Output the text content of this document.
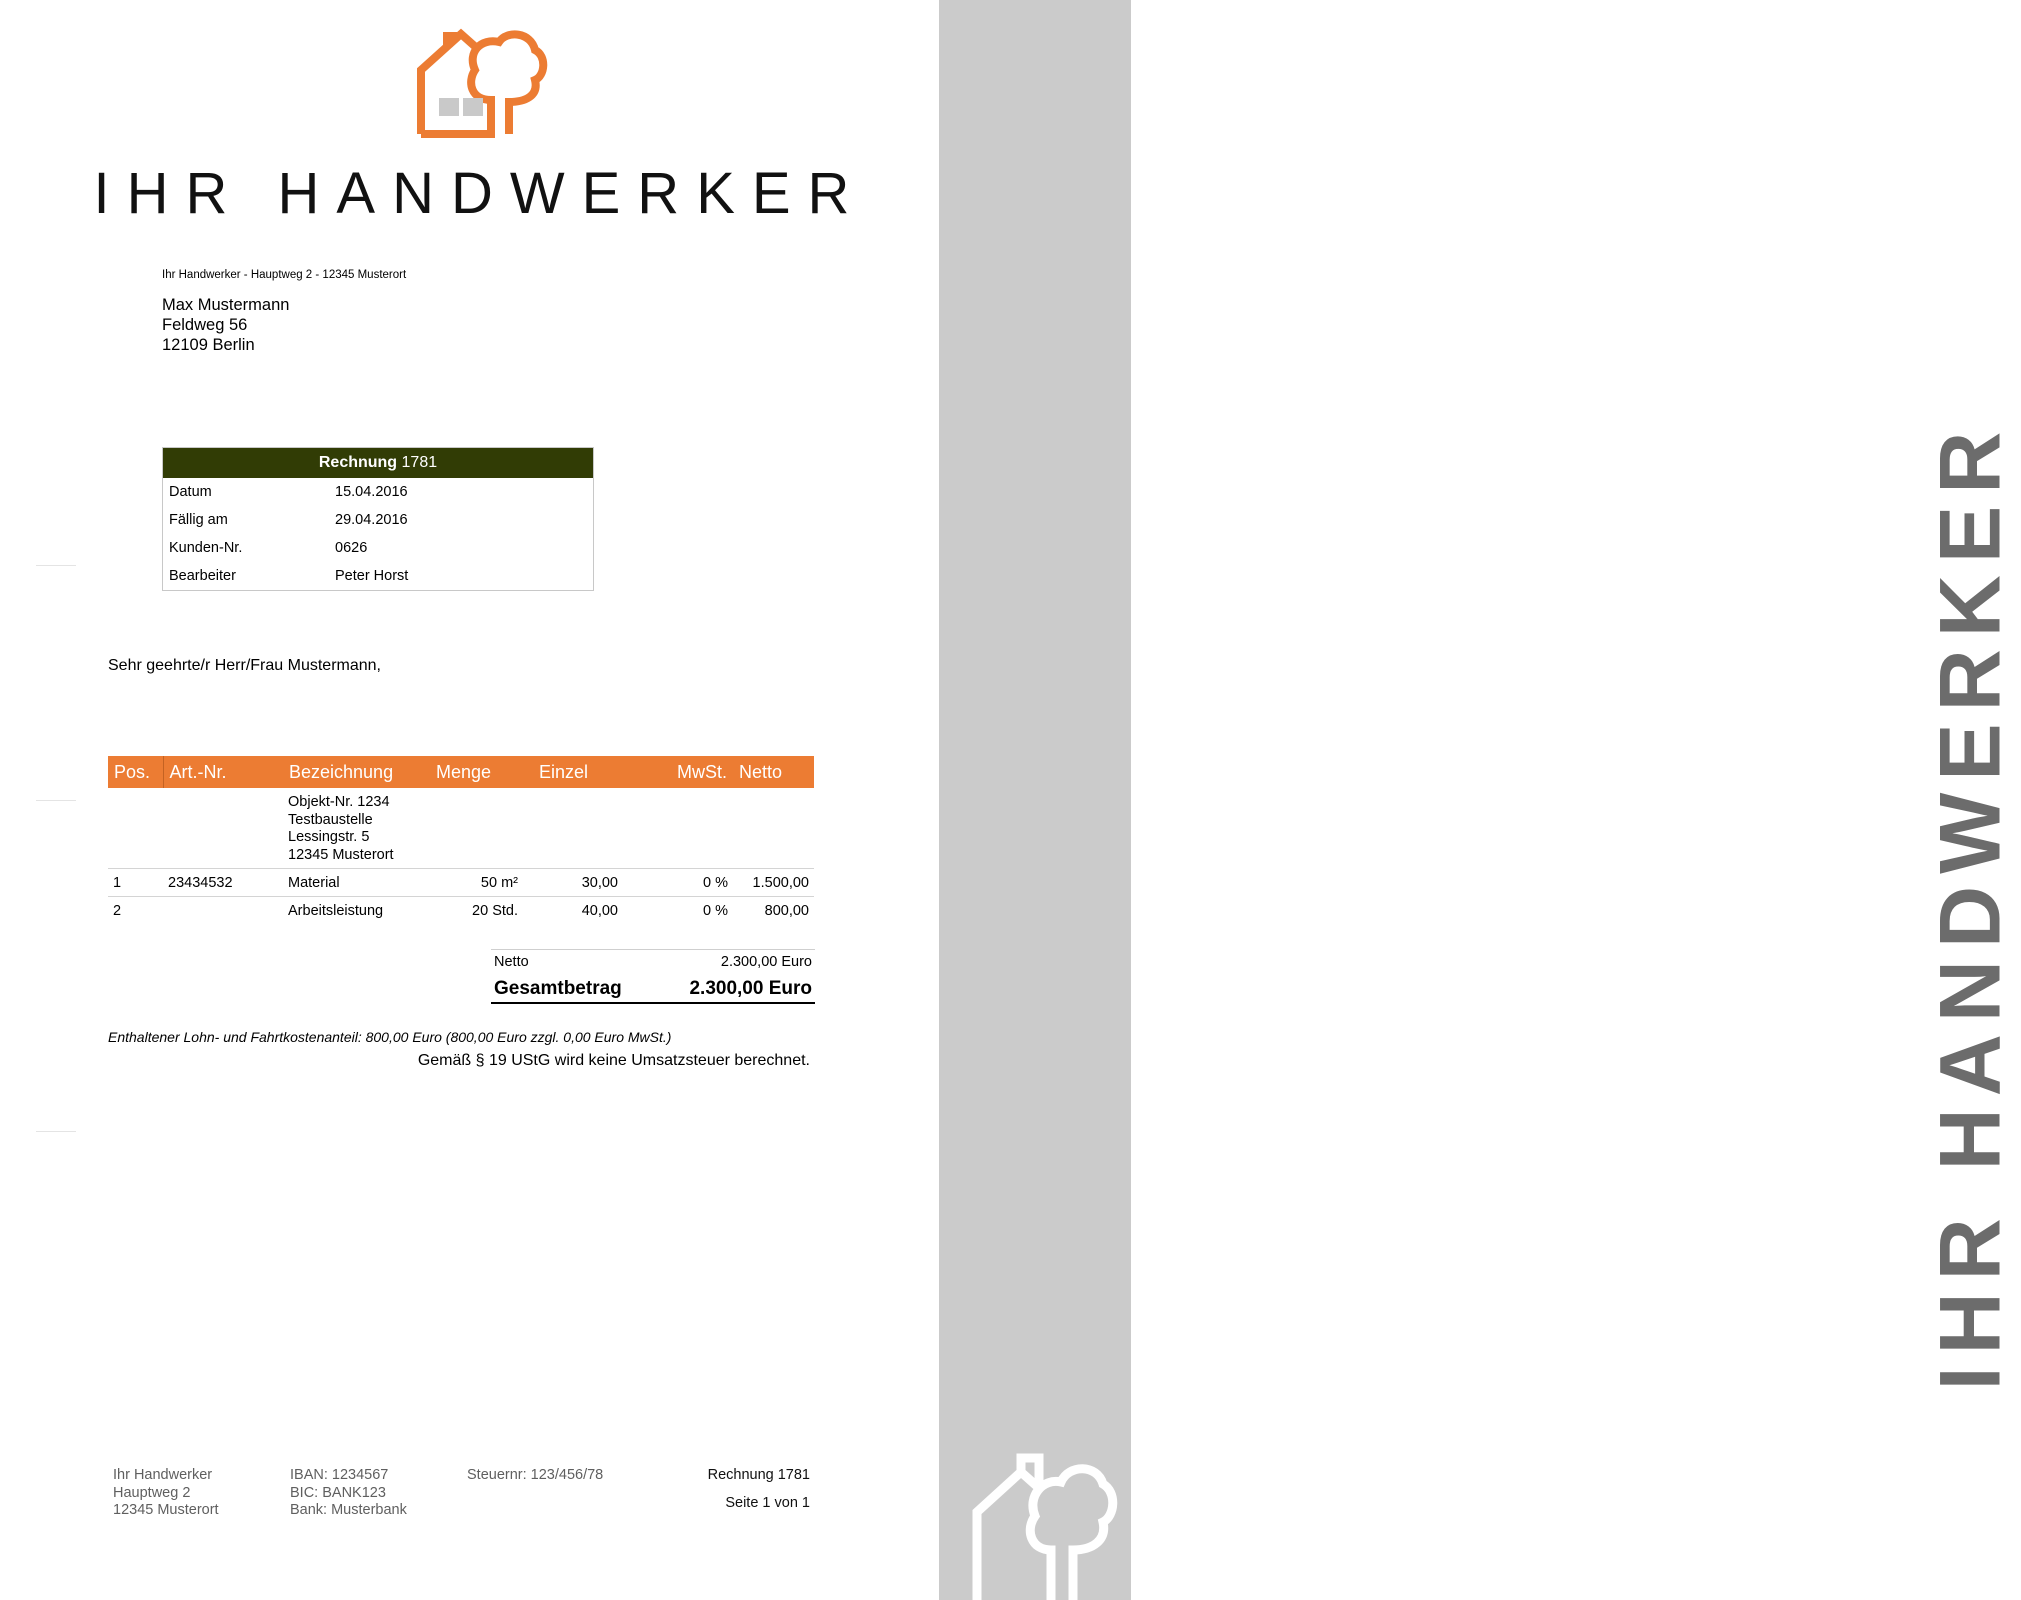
IHR HANDWERKER
IHR HANDWERKER
Ihr Handwerker - Hauptweg 2 - 12345 Musterort
Max Mustermann
Feldweg 56
12109 Berlin
Rechnung 1781
Datum	15.04.2016
Fällig am	29.04.2016
Kunden-Nr.	0626
Bearbeiter	Peter Horst
Sehr geehrte/r Herr/Frau Mustermann,
Pos.	Art.-Nr.	Bezeichnung	Menge	Einzel	MwSt.	Netto

		Objekt-Nr. 1234
Testbaustelle
Lessingstr. 5
12345 Musterort				

1	23434532	Material	50 m²	30,00	0 %	1.500,00
2		Arbeitsleistung	20 Std.	40,00	0 %	800,00
Netto	2.300,00 Euro
Gesamtbetrag	2.300,00 Euro
Enthaltener Lohn- und Fahrtkostenanteil: 800,00 Euro (800,00 Euro zzgl. 0,00 Euro MwSt.)
Gemäß § 19 UStG wird keine Umsatzsteuer berechnet.
Ihr Handwerker
Hauptweg 2
12345 Musterort
IBAN: 1234567
BIC: BANK123
Bank: Musterbank
Steuernr: 123/456/78	Rechnung 1781
Seite 1 von 1
